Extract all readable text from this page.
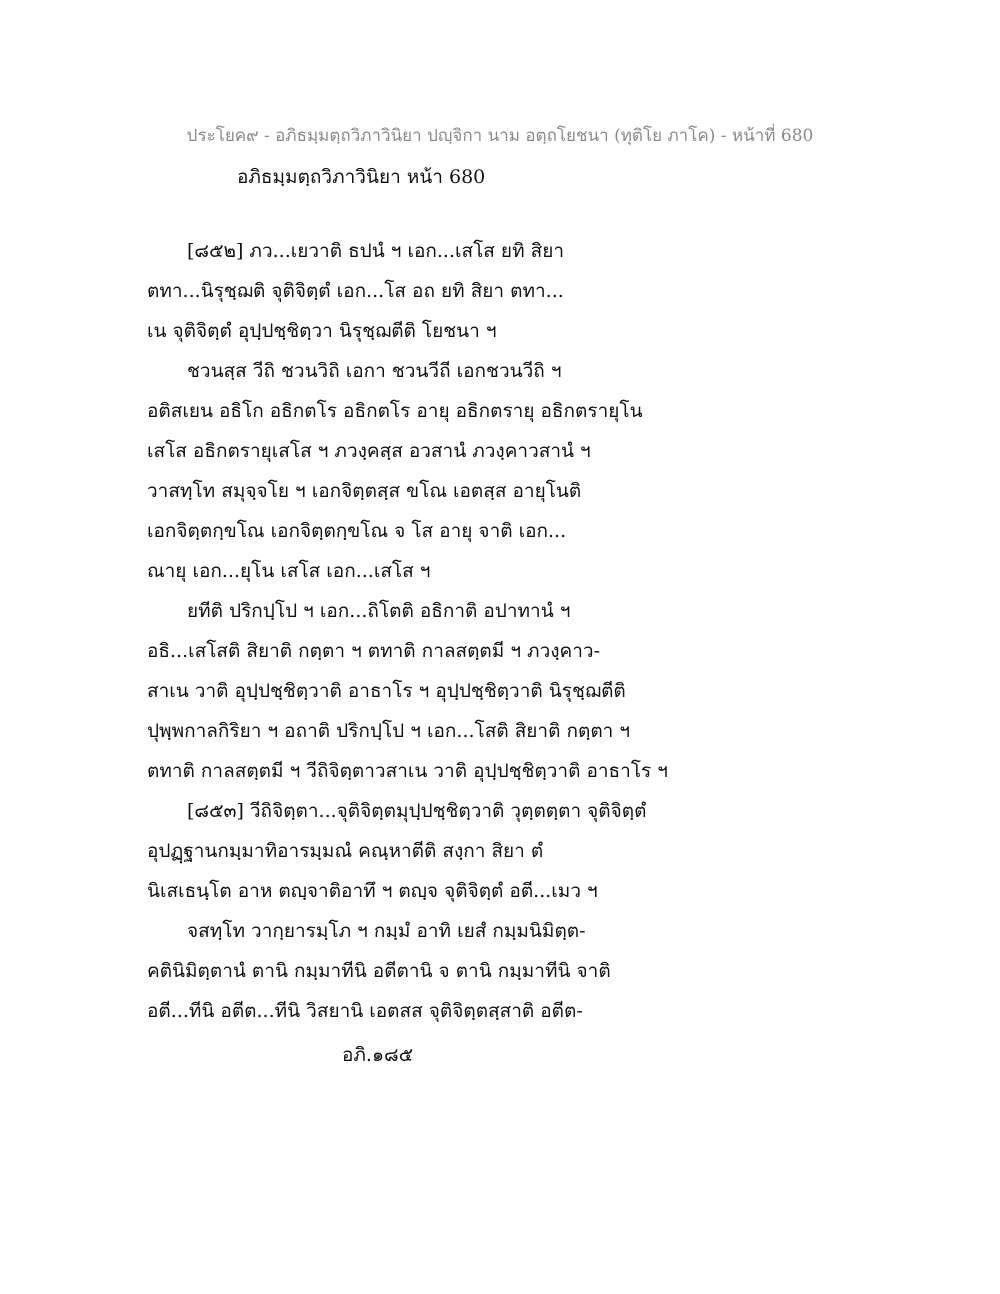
ประโยค๙ - อภิธมฺมตฺถวิภาวินิยา ปญฺจิกา นาม อตฺถโยชนา (ทุติโย ภาโค) - หน้าที่ 680
อภิธมฺมตฺถวิภาวินิยา หน้า 680
[๘๕๒] ภว...เยวาติ ธปนํ ฯ เอก...เสโส ยทิ สิยา
ตทา...นิรุชฺฌติ จุติจิตฺตํ เอก...โส อถ ยทิ สิยา ตทา...
เน จุติจิตฺตํ อุปฺปชฺชิตฺวา นิรุชฺฌตีติ โยชนา ฯ
ชวนสฺส วีถิ ชวนวิถิ เอกา ชวนวีถี เอกชวนวีถิ ฯ
อติสเยน อธิโก อธิกตโร อธิกตโร อายุ อธิกตรายุ อธิกตรายุโน
เสโส อธิกตรายุเสโส ฯ ภวงฺคสฺส อวสานํ ภวงฺคาวสานํ ฯ
วาสทฺโท สมุจฺจโย ฯ เอกจิตฺตสฺส ขโณ เอตสฺส อายุโนติ
เอกจิตฺตกฺขโณ เอกจิตฺตกฺขโณ จ โส อายุ จาติ เอก...
ณายุ เอก...ยุโน เสโส เอก...เสโส ฯ
ยทีติ ปริกปฺโป ฯ เอก...ถิโตติ อธิกาติ อปาทานํ ฯ
อธิ...เสโสติ สิยาติ กตฺตา ฯ ตทาติ กาลสตฺตมี ฯ ภวงฺคาว-
สาเน วาติ อุปฺปชฺชิตฺวาติ อาธาโร ฯ อุปฺปชฺชิตฺวาติ นิรุชฺฌตีติ
ปุพฺพกาลกิริยา ฯ อถาติ ปริกปฺโป ฯ เอก...โสติ สิยาติ กตฺตา ฯ
ตทาติ กาลสตฺตมี ฯ วีถิจิตฺตาวสาเน วาติ อุปฺปชฺชิตฺวาติ อาธาโร ฯ
[๘๕๓] วีถิจิตฺตา...จุติจิตฺตมุปฺปชฺชิตฺวาติ วุตฺตตฺตา จุติจิตฺตํ
อุปฏฺฐานกมฺมาทิอารมฺมณํ คณฺหาตีติ สงฺกา สิยา ตํ
นิเสเธนฺโต อาห ตญฺจาติอาทึ ฯ ตญฺจ จุติจิตฺตํ อตี...เมว ฯ
จสทฺโท วากฺยารมฺโภ ฯ กมฺมํ อาทิ เยสํ กมฺมนิมิตฺต-
คตินิมิตฺตานํ ตานิ กมฺมาทีนิ อตีตานิ จ ตานิ กมฺมาทีนิ จาติ
อตี...ทีนิ อตีต...ทีนิ วิสยานิ เอตสส จุติจิตฺตสฺสาติ อตีต-
อภิ.๑๘๕
